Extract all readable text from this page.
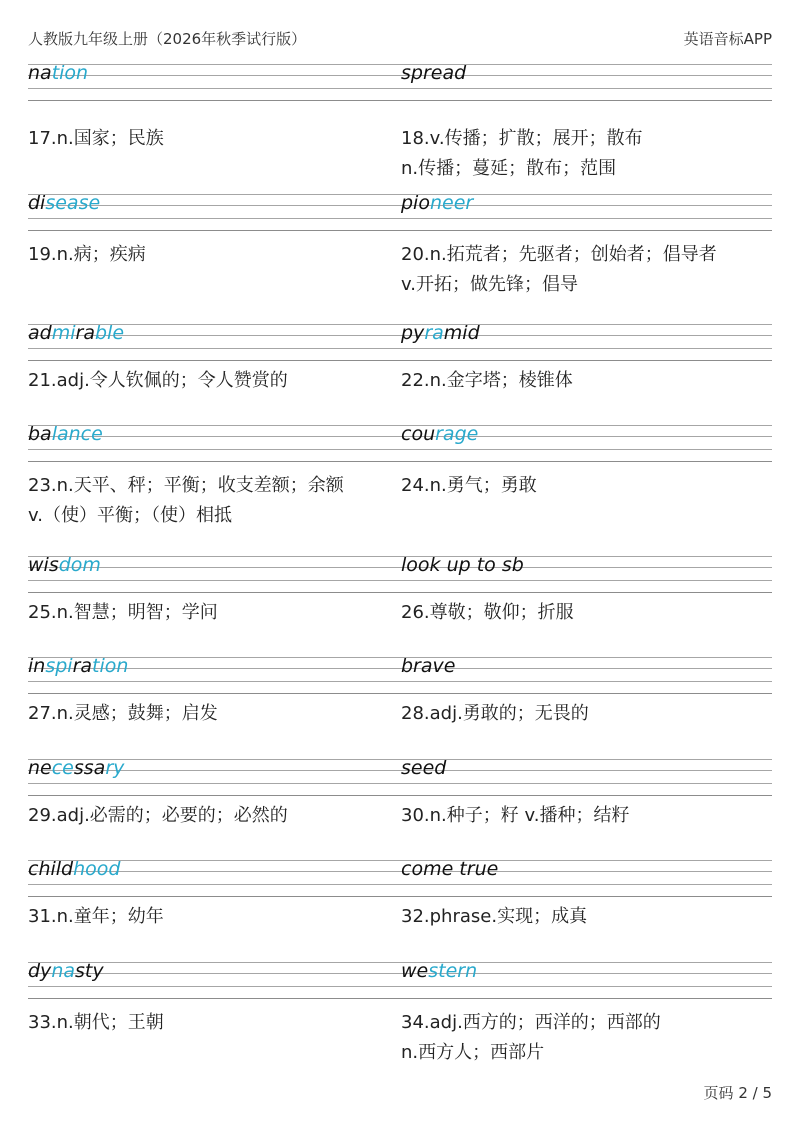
人教版九年级上册（2026年秋季试行版）	英语音标APP
nation
17.n.国家；民族
spread
18.v.传播；扩散；展开；散布
n.传播；蔓延；散布；范围
disease
19.n.病；疾病
pioneer
20.n.拓荒者；先驱者；创始者；倡导者
v.开拓；做先锋；倡导
admirable
21.adj.令人钦佩的；令人赞赏的
pyramid
22.n.金字塔；棱锥体
balance
23.n.天平、秤；平衡；收支差额；余额
v.（使）平衡；（使）相抵
courage
24.n.勇气；勇敢
wisdom
25.n.智慧；明智；学问
look up to sb
26.尊敬；敬仰；折服
inspiration
27.n.灵感；鼓舞；启发
brave
28.adj.勇敢的；无畏的
necessary
29.adj.必需的；必要的；必然的
seed
30.n.种子；籽 v.播种；结籽
childhood
31.n.童年；幼年
come true
32.phrase.实现；成真
dynasty
33.n.朝代；王朝
western
34.adj.西方的；西洋的；西部的
n.西方人；西部片
页码 2 / 5
